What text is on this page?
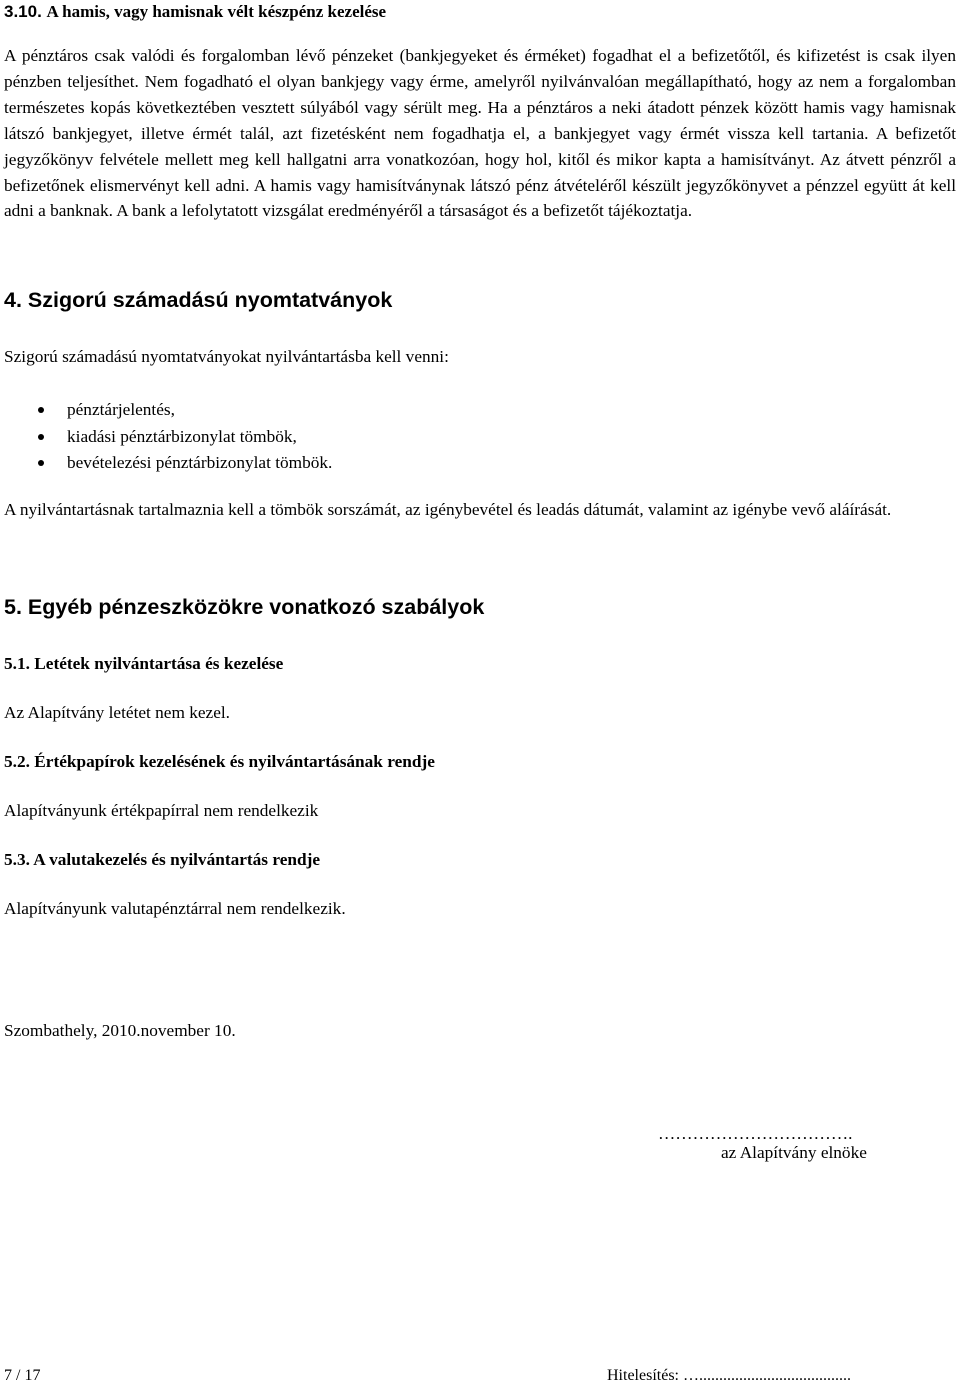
3.10. A hamis, vagy hamisnak vélt készpénz kezelése

A pénztáros csak valódi és forgalomban lévő pénzeket (bankjegyeket és érméket) fogadhat el a befizetőtől, és kifizetést is csak ilyen pénzben teljesíthet. Nem fogadható el olyan bankjegy vagy érme, amelyről nyilvánvalóan megállapítható, hogy az nem a forgalomban természetes kopás következtében vesztett súlyából vagy sérült meg. Ha a pénztáros a neki átadott pénzek között hamis vagy hamisnak látszó bankjegyet, illetve érmét talál, azt fizetésként nem fogadhatja el, a bankjegyet vagy érmét vissza kell tartania. A befizetőt jegyzőkönyv felvétele mellett meg kell hallgatni arra vonatkozóan, hogy hol, kitől és mikor kapta a hamisítványt. Az átvett pénzről a befizetőnek elismervényt kell adni. A hamis vagy hamisítványnak látszó pénz átvételéről készült jegyzőkönyvet a pénzzel együtt át kell adni a banknak. A bank a lefolytatott vizsgálat eredményéről a társaságot és a befizetőt tájékoztatja.

4. Szigorú számadású nyomtatványok
Szigorú számadású nyomtatványokat nyilvántartásba kell venni:
pénztárjelentés,
kiadási pénztárbizonylat tömbök,
bevételezési pénztárbizonylat tömbök.

A nyilvántartásnak tartalmaznia kell a tömbök sorszámát, az igénybevétel és leadás dátumát, valamint az igénybe vevő aláírását.

5. Egyéb pénzeszközökre vonatkozó szabályok
5.1. Letétek nyilvántartása és kezelése
Az Alapítvány letétet nem kezel.
5.2. Értékpapírok kezelésének és nyilvántartásának rendje
Alapítványunk értékpapírral nem rendelkezik
5.3. A valutakezelés és nyilvántartás rendje
Alapítványunk valutapénztárral nem rendelkezik.
Szombathely, 2010.november 10.
…………………………….
az Alapítvány elnöke
7 / 17	Hitelesítés: …......................................
